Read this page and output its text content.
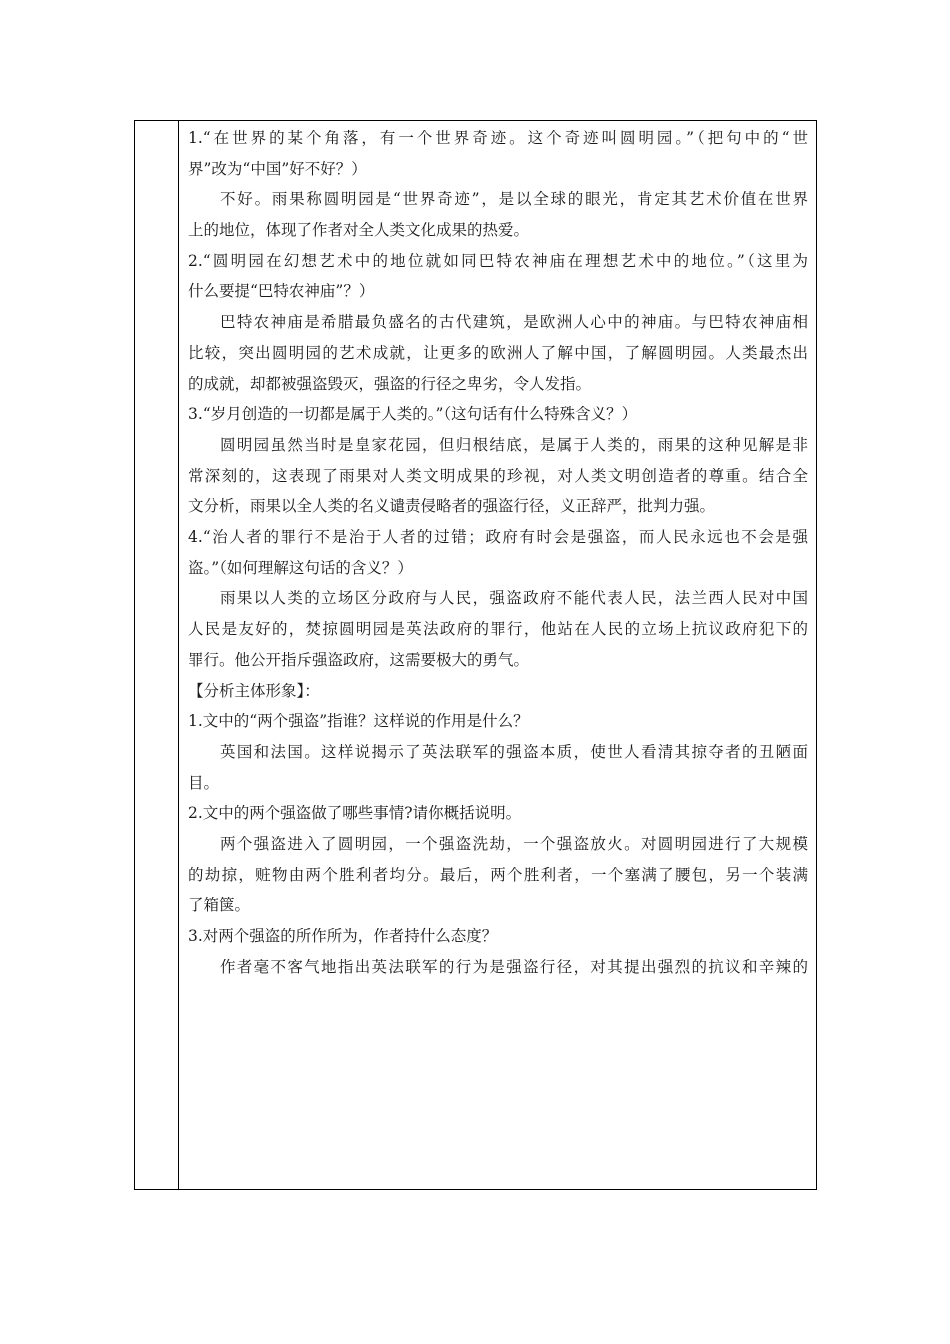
1.“在世界的某个角落，有一个世界奇迹。这个奇迹叫圆明园。”（把句中的“世
界”改为“中国”好不好？）
不好。雨果称圆明园是“世界奇迹”，是以全球的眼光，肯定其艺术价值在世界
上的地位，体现了作者对全人类文化成果的热爱。
2.“圆明园在幻想艺术中的地位就如同巴特农神庙在理想艺术中的地位。”（这里为
什么要提“巴特农神庙”？）
巴特农神庙是希腊最负盛名的古代建筑，是欧洲人心中的神庙。与巴特农神庙相
比较，突出圆明园的艺术成就，让更多的欧洲人了解中国，了解圆明园。人类最杰出
的成就，却都被强盗毁灭，强盗的行径之卑劣，令人发指。
3.“岁月创造的一切都是属于人类的。”（这句话有什么特殊含义？）
圆明园虽然当时是皇家花园，但归根结底，是属于人类的，雨果的这种见解是非
常深刻的，这表现了雨果对人类文明成果的珍视，对人类文明创造者的尊重。结合全
文分析，雨果以全人类的名义谴责侵略者的强盗行径，义正辞严，批判力强。
4.“治人者的罪行不是治于人者的过错；政府有时会是强盗，而人民永远也不会是强
盗。”（如何理解这句话的含义？）
雨果以人类的立场区分政府与人民，强盗政府不能代表人民，法兰西人民对中国
人民是友好的，焚掠圆明园是英法政府的罪行，他站在人民的立场上抗议政府犯下的
罪行。他公开指斥强盗政府，这需要极大的勇气。
【分析主体形象】：
1.文中的“两个强盗”指谁？这样说的作用是什么？
英国和法国。这样说揭示了英法联军的强盗本质，使世人看清其掠夺者的丑陋面
目。
2.文中的两个强盗做了哪些事情?请你概括说明。
两个强盗进入了圆明园，一个强盗洗劫，一个强盗放火。对圆明园进行了大规模
的劫掠，赃物由两个胜利者均分。最后，两个胜利者，一个塞满了腰包，另一个装满
了箱箧。
3.对两个强盗的所作所为，作者持什么态度？
作者毫不客气地指出英法联军的行为是强盗行径，对其提出强烈的抗议和辛辣的
